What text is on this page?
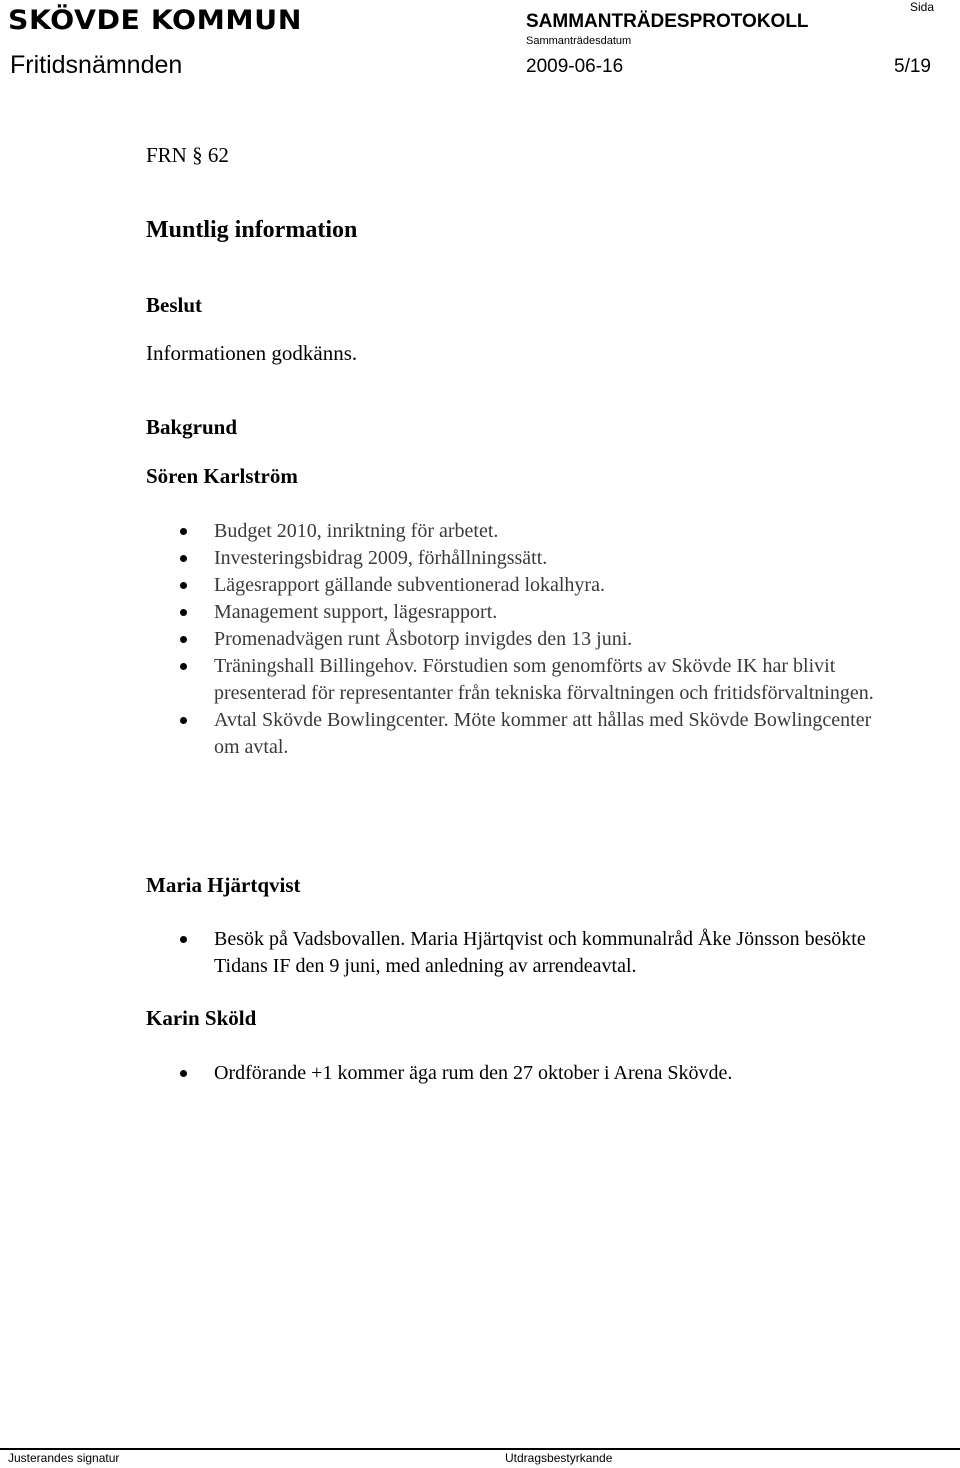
SKÖVDE KOMMUN	SAMMANTRÄDESPROTOKOLL
Sida
Sammanträdesdatum
Fritidsnämnden	2009-06-16	5/19
FRN § 62
Muntlig information
Beslut
Informationen godkänns.
Bakgrund
Sören Karlström
Budget 2010, inriktning för arbetet.
Investeringsbidrag 2009, förhållningssätt.
Lägesrapport gällande subventionerad lokalhyra.
Management support, lägesrapport.
Promenadvägen runt Åsbotorp invigdes den 13 juni.
Träningshall Billingehov. Förstudien som genomförts av Skövde IK har blivit presenterad för representanter från tekniska förvaltningen och fritidsförvaltningen.
Avtal Skövde Bowlingcenter. Möte kommer att hållas med Skövde Bowlingcenter om avtal.
Maria Hjärtqvist
Besök på Vadsbovallen. Maria Hjärtqvist och kommunalråd Åke Jönsson besökte Tidans IF den 9 juni, med anledning av arrendeavtal.
Karin Sköld
Ordförande +1 kommer äga rum den 27 oktober i Arena Skövde.
Justerandes signatur	Utdragsbestyrkande
